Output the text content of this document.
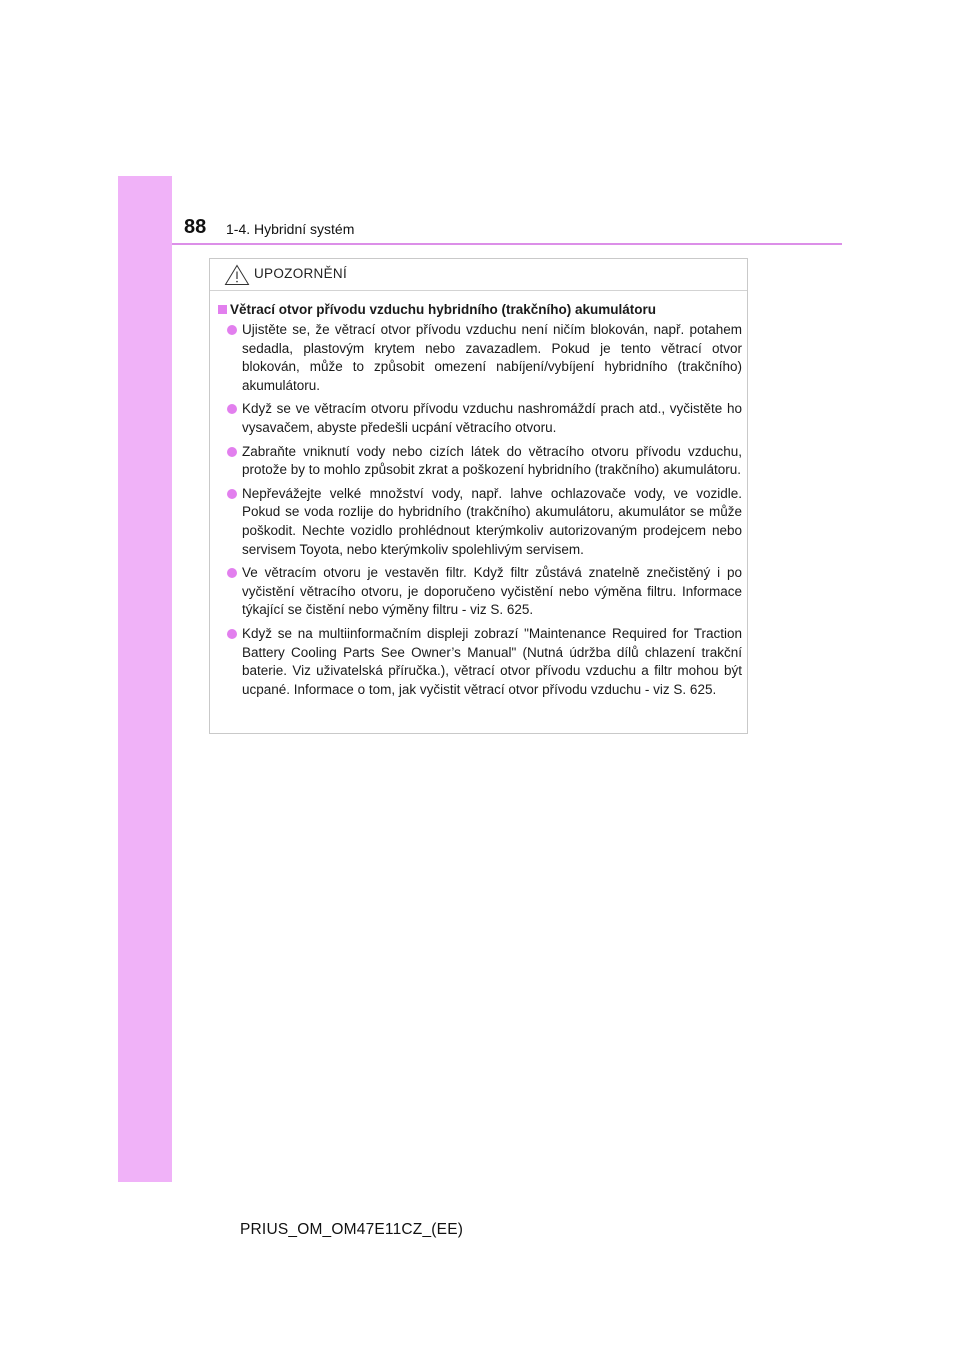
88 1-4. Hybridní systém
UPOZORNĚNÍ
Větrací otvor přívodu vzduchu hybridního (trakčního) akumulátoru
Ujistěte se, že větrací otvor přívodu vzduchu není ničím blokován, např. potahem sedadla, plastovým krytem nebo zavazadlem. Pokud je tento větrací otvor blokován, může to způsobit omezení nabíjení/vybíjení hybridního (trakčního) akumulátoru.
Když se ve větracím otvoru přívodu vzduchu nashromáždí prach atd., vyčistěte ho vysavačem, abyste předešli ucpání větracího otvoru.
Zabraňte vniknutí vody nebo cizích látek do větracího otvoru přívodu vzduchu, protože by to mohlo způsobit zkrat a poškození hybridního (trakčního) akumulátoru.
Nepřevážejte velké množství vody, např. lahve ochlazovače vody, ve vozidle. Pokud se voda rozlije do hybridního (trakčního) akumulátoru, akumulátor se může poškodit. Nechte vozidlo prohlédnout kterýmkoliv autorizovaným prodejcem nebo servisem Toyota, nebo kterýmkoliv spolehlivým servisem.
Ve větracím otvoru je vestavěn filtr. Když filtr zůstává znatelně znečistěný i po vyčistění větracího otvoru, je doporučeno vyčistění nebo výměna filtru. Informace týkající se čistění nebo výměny filtru - viz S. 625.
Když se na multiinformačním displeji zobrazí "Maintenance Required for Traction Battery Cooling Parts See Owner’s Manual" (Nutná údržba dílů chlazení trakční baterie. Viz uživatelská příručka.), větrací otvor přívodu vzduchu a filtr mohou být ucpané. Informace o tom, jak vyčistit větrací otvor přívodu vzduchu - viz S. 625.
PRIUS_OM_OM47E11CZ_(EE)
